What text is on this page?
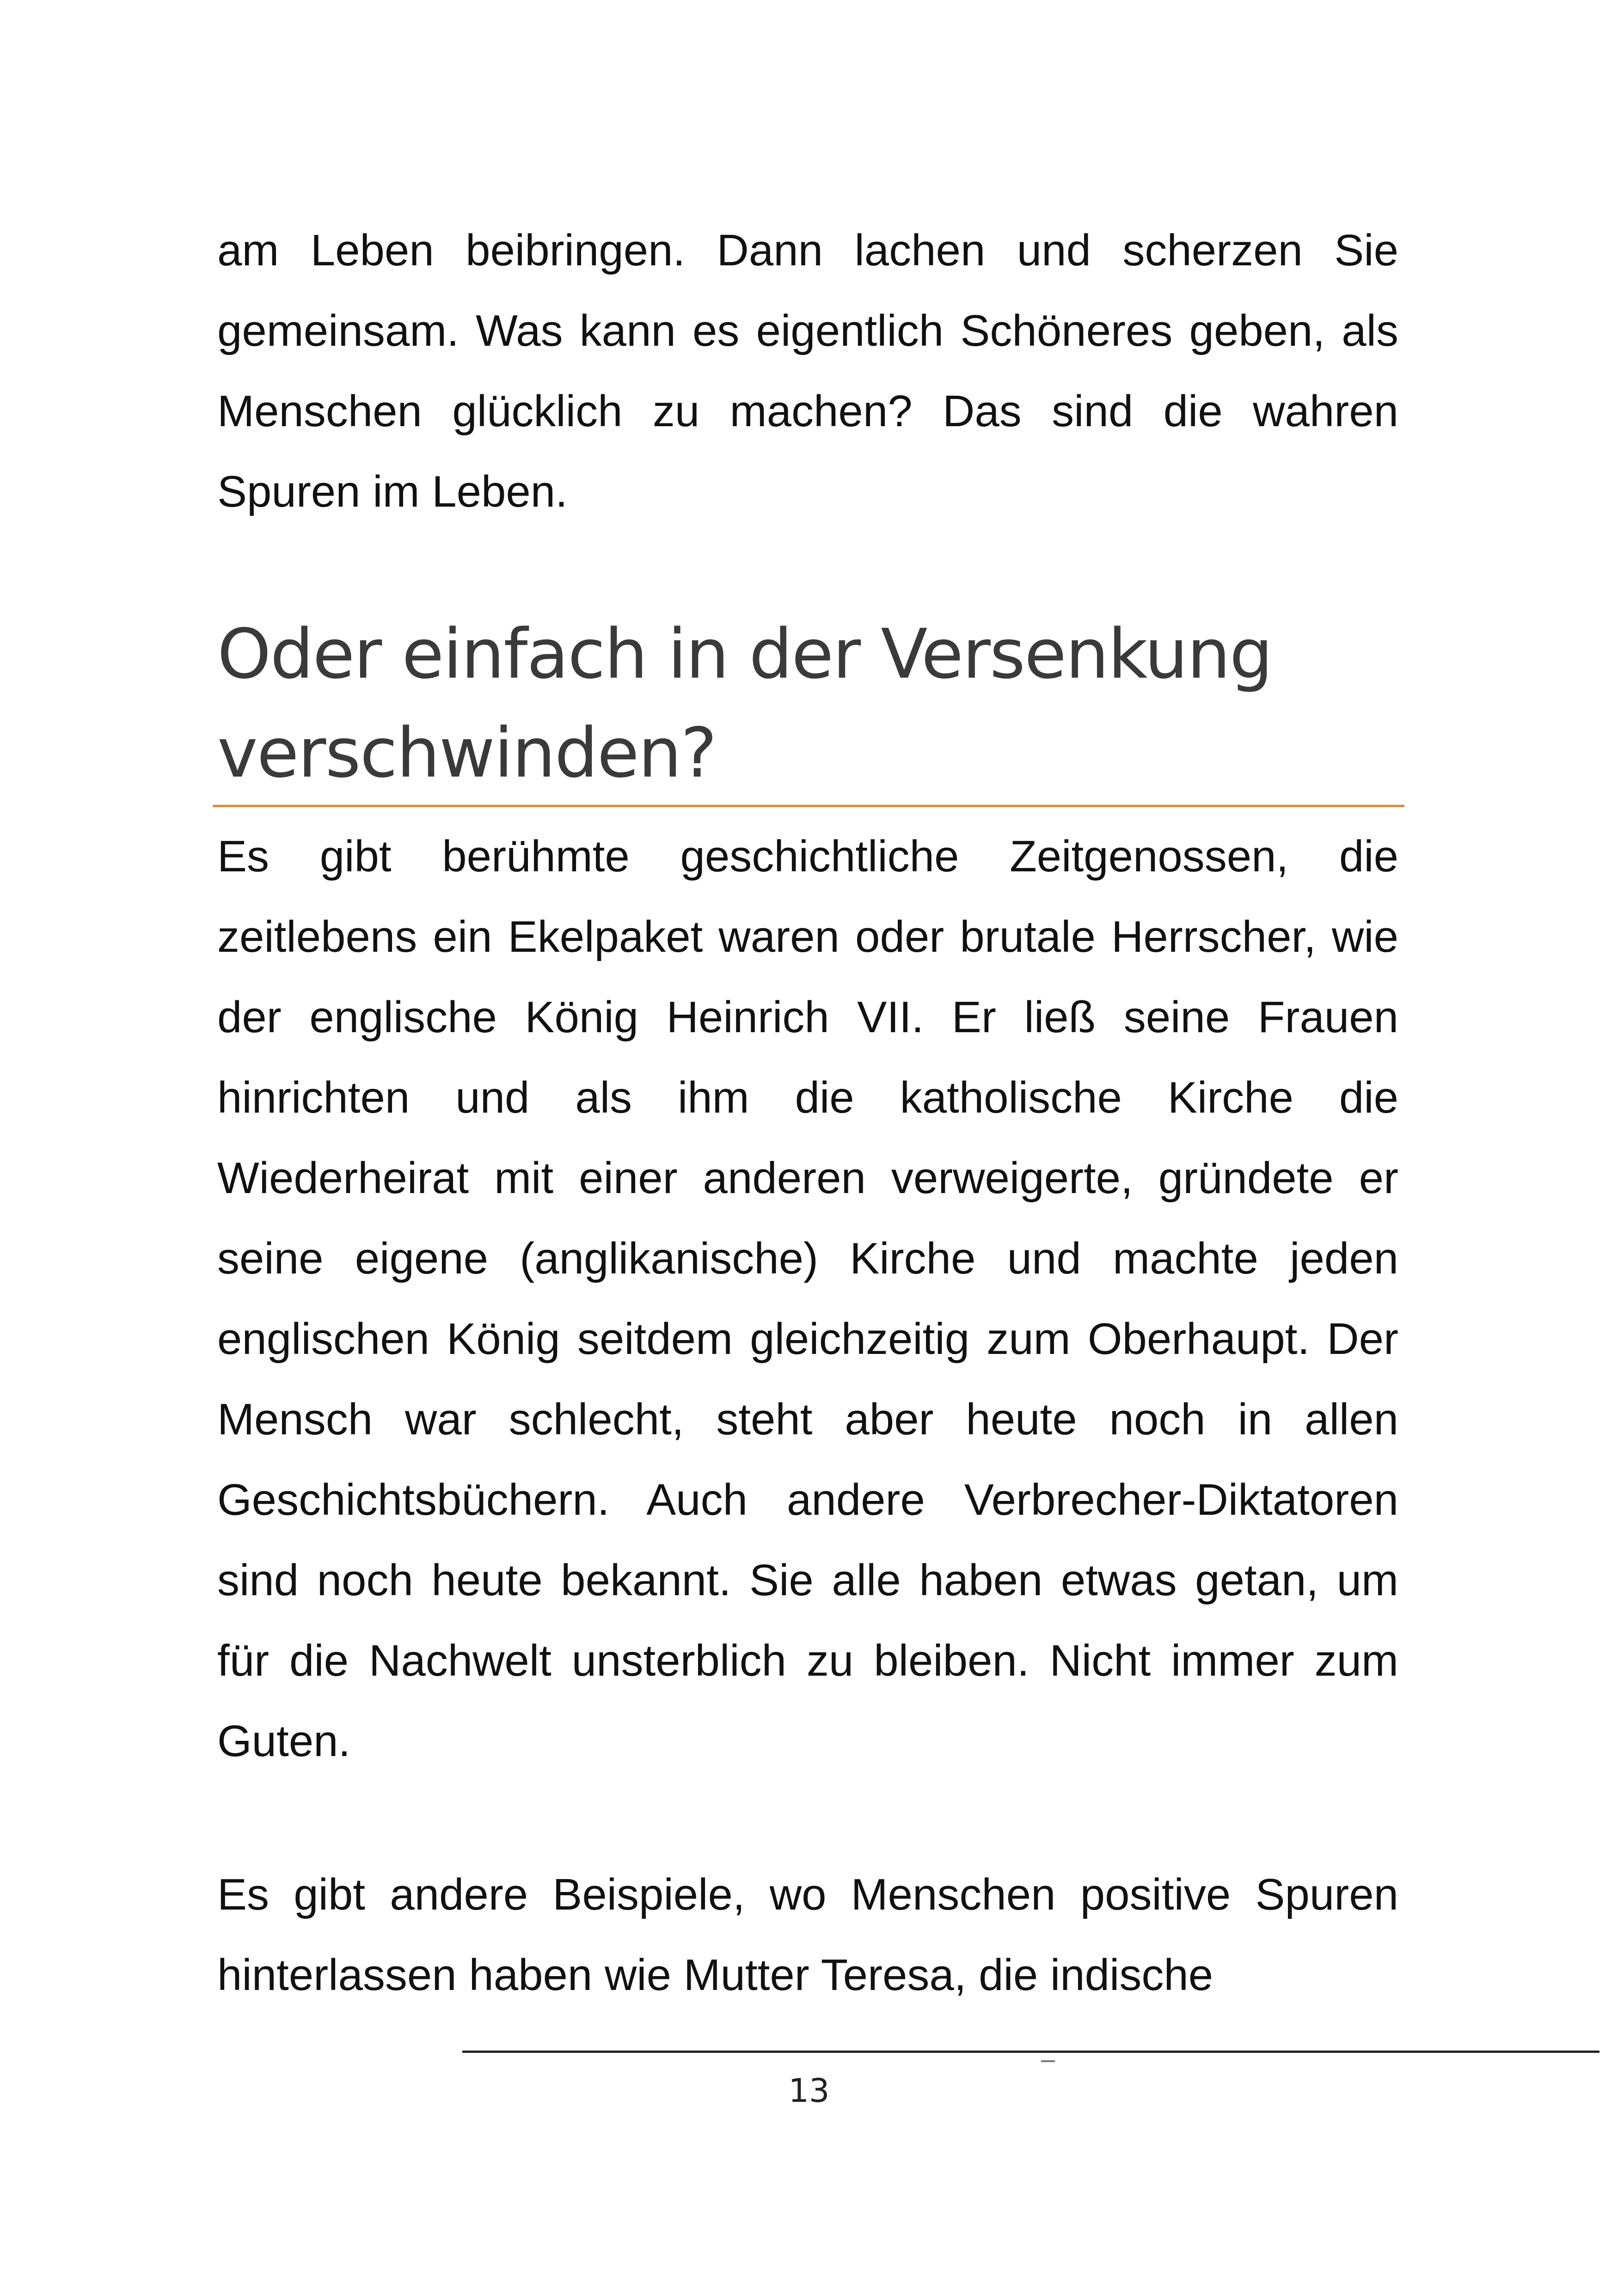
am Leben beibringen. Dann lachen und scherzen Sie gemeinsam. Was kann es eigentlich Schöneres geben, als Menschen glücklich zu machen? Das sind die wahren Spuren im Leben.

Oder einfach in der Versenkung verschwinden?

Es gibt berühmte geschichtliche Zeitgenossen, die zeitlebens ein Ekelpaket waren oder brutale Herrscher, wie der englische König Heinrich VII. Er ließ seine Frauen hinrichten und als ihm die katholische Kirche die Wiederheirat mit einer anderen verweigerte, gründete er seine eigene (anglikanische) Kirche und machte jeden englischen König seitdem gleichzeitig zum Oberhaupt. Der Mensch war schlecht, steht aber heute noch in allen Geschichtsbüchern. Auch andere Verbrecher-Diktatoren sind noch heute bekannt. Sie alle haben etwas getan, um für die Nachwelt unsterblich zu bleiben. Nicht immer zum Guten.

Es gibt andere Beispiele, wo Menschen positive Spuren hinterlassen haben wie Mutter Teresa, die indische

13
